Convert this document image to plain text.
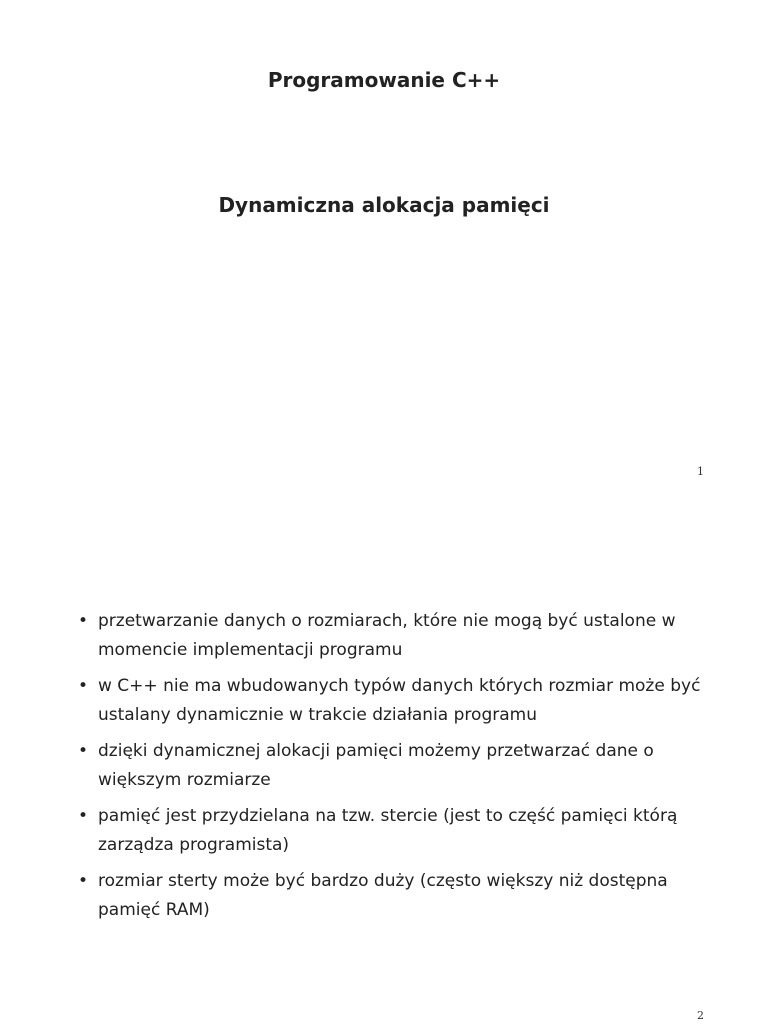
Programowanie C++
Dynamiczna alokacja pamięci
1
• przetwarzanie danych o rozmiarach, które nie mogą być ustalone w momencie implementacji programu
• w C++ nie ma wbudowanych typów danych których rozmiar może być ustalany dynamicznie w trakcie działania programu
• dzięki dynamicznej alokacji pamięci możemy przetwarzać dane o większym rozmiarze
• pamięć jest przydzielana na tzw. stercie (jest to część pamięci którą zarządza programista)
• rozmiar sterty może być bardzo duży (często większy niż dostępna pamięć RAM)
2
